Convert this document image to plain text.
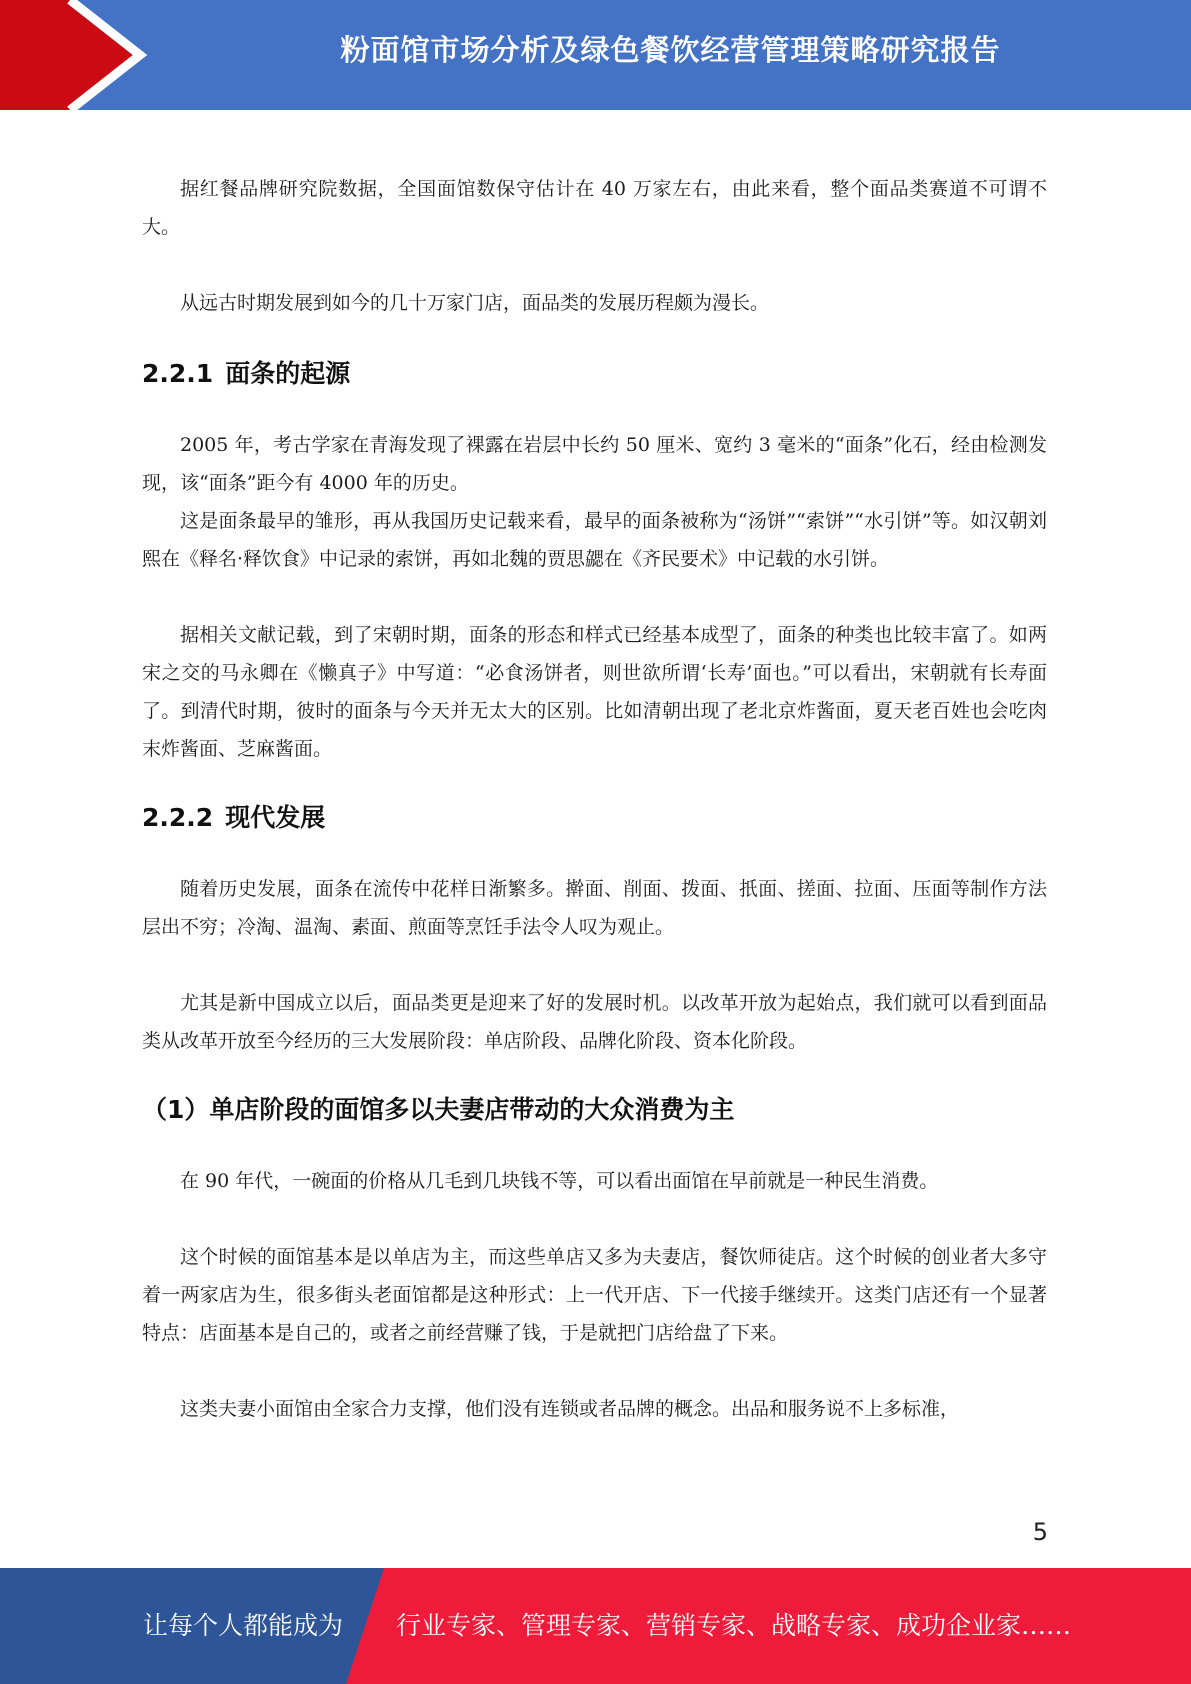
粉面馆市场分析及绿色餐饮经营管理策略研究报告

据红餐品牌研究院数据，全国面馆数保守估计在 40 万家左右，由此来看，整个面品类赛道不可谓不大。

从远古时期发展到如今的几十万家门店，面品类的发展历程颇为漫长。

2.2.1 面条的起源

2005 年，考古学家在青海发现了裸露在岩层中长约 50 厘米、宽约 3 毫米的“面条”化石，经由检测发现，该“面条”距今有 4000 年的历史。

这是面条最早的雏形，再从我国历史记载来看，最早的面条被称为“汤饼”“索饼”“水引饼”等。如汉朝刘熙在《释名·释饮食》中记录的索饼，再如北魏的贾思勰在《齐民要术》中记载的水引饼。

据相关文献记载，到了宋朝时期，面条的形态和样式已经基本成型了，面条的种类也比较丰富了。如两宋之交的马永卿在《懒真子》中写道：“必食汤饼者，则世欲所谓‘长寿’面也。”可以看出，宋朝就有长寿面了。到清代时期，彼时的面条与今天并无太大的区别。比如清朝出现了老北京炸酱面，夏天老百姓也会吃肉末炸酱面、芝麻酱面。

2.2.2 现代发展

随着历史发展，面条在流传中花样日渐繁多。擀面、削面、拨面、扺面、搓面、拉面、压面等制作方法层出不穷；冷淘、温淘、素面、煎面等烹饪手法令人叹为观止。

尤其是新中国成立以后，面品类更是迎来了好的发展时机。以改革开放为起始点，我们就可以看到面品类从改革开放至今经历的三大发展阶段：单店阶段、品牌化阶段、资本化阶段。

（1）单店阶段的面馆多以夫妻店带动的大众消费为主

在 90 年代，一碗面的价格从几毛到几块钱不等，可以看出面馆在早前就是一种民生消费。

这个时候的面馆基本是以单店为主，而这些单店又多为夫妻店，餐饮师徒店。这个时候的创业者大多守着一两家店为生，很多街头老面馆都是这种形式：上一代开店、下一代接手继续开。这类门店还有一个显著特点：店面基本是自己的，或者之前经营赚了钱，于是就把门店给盘了下来。

这类夫妻小面馆由全家合力支撑，他们没有连锁或者品牌的概念。出品和服务说不上多标准，

5
让每个人都能成为 行业专家、管理专家、营销专家、战略专家、成功企业家……
